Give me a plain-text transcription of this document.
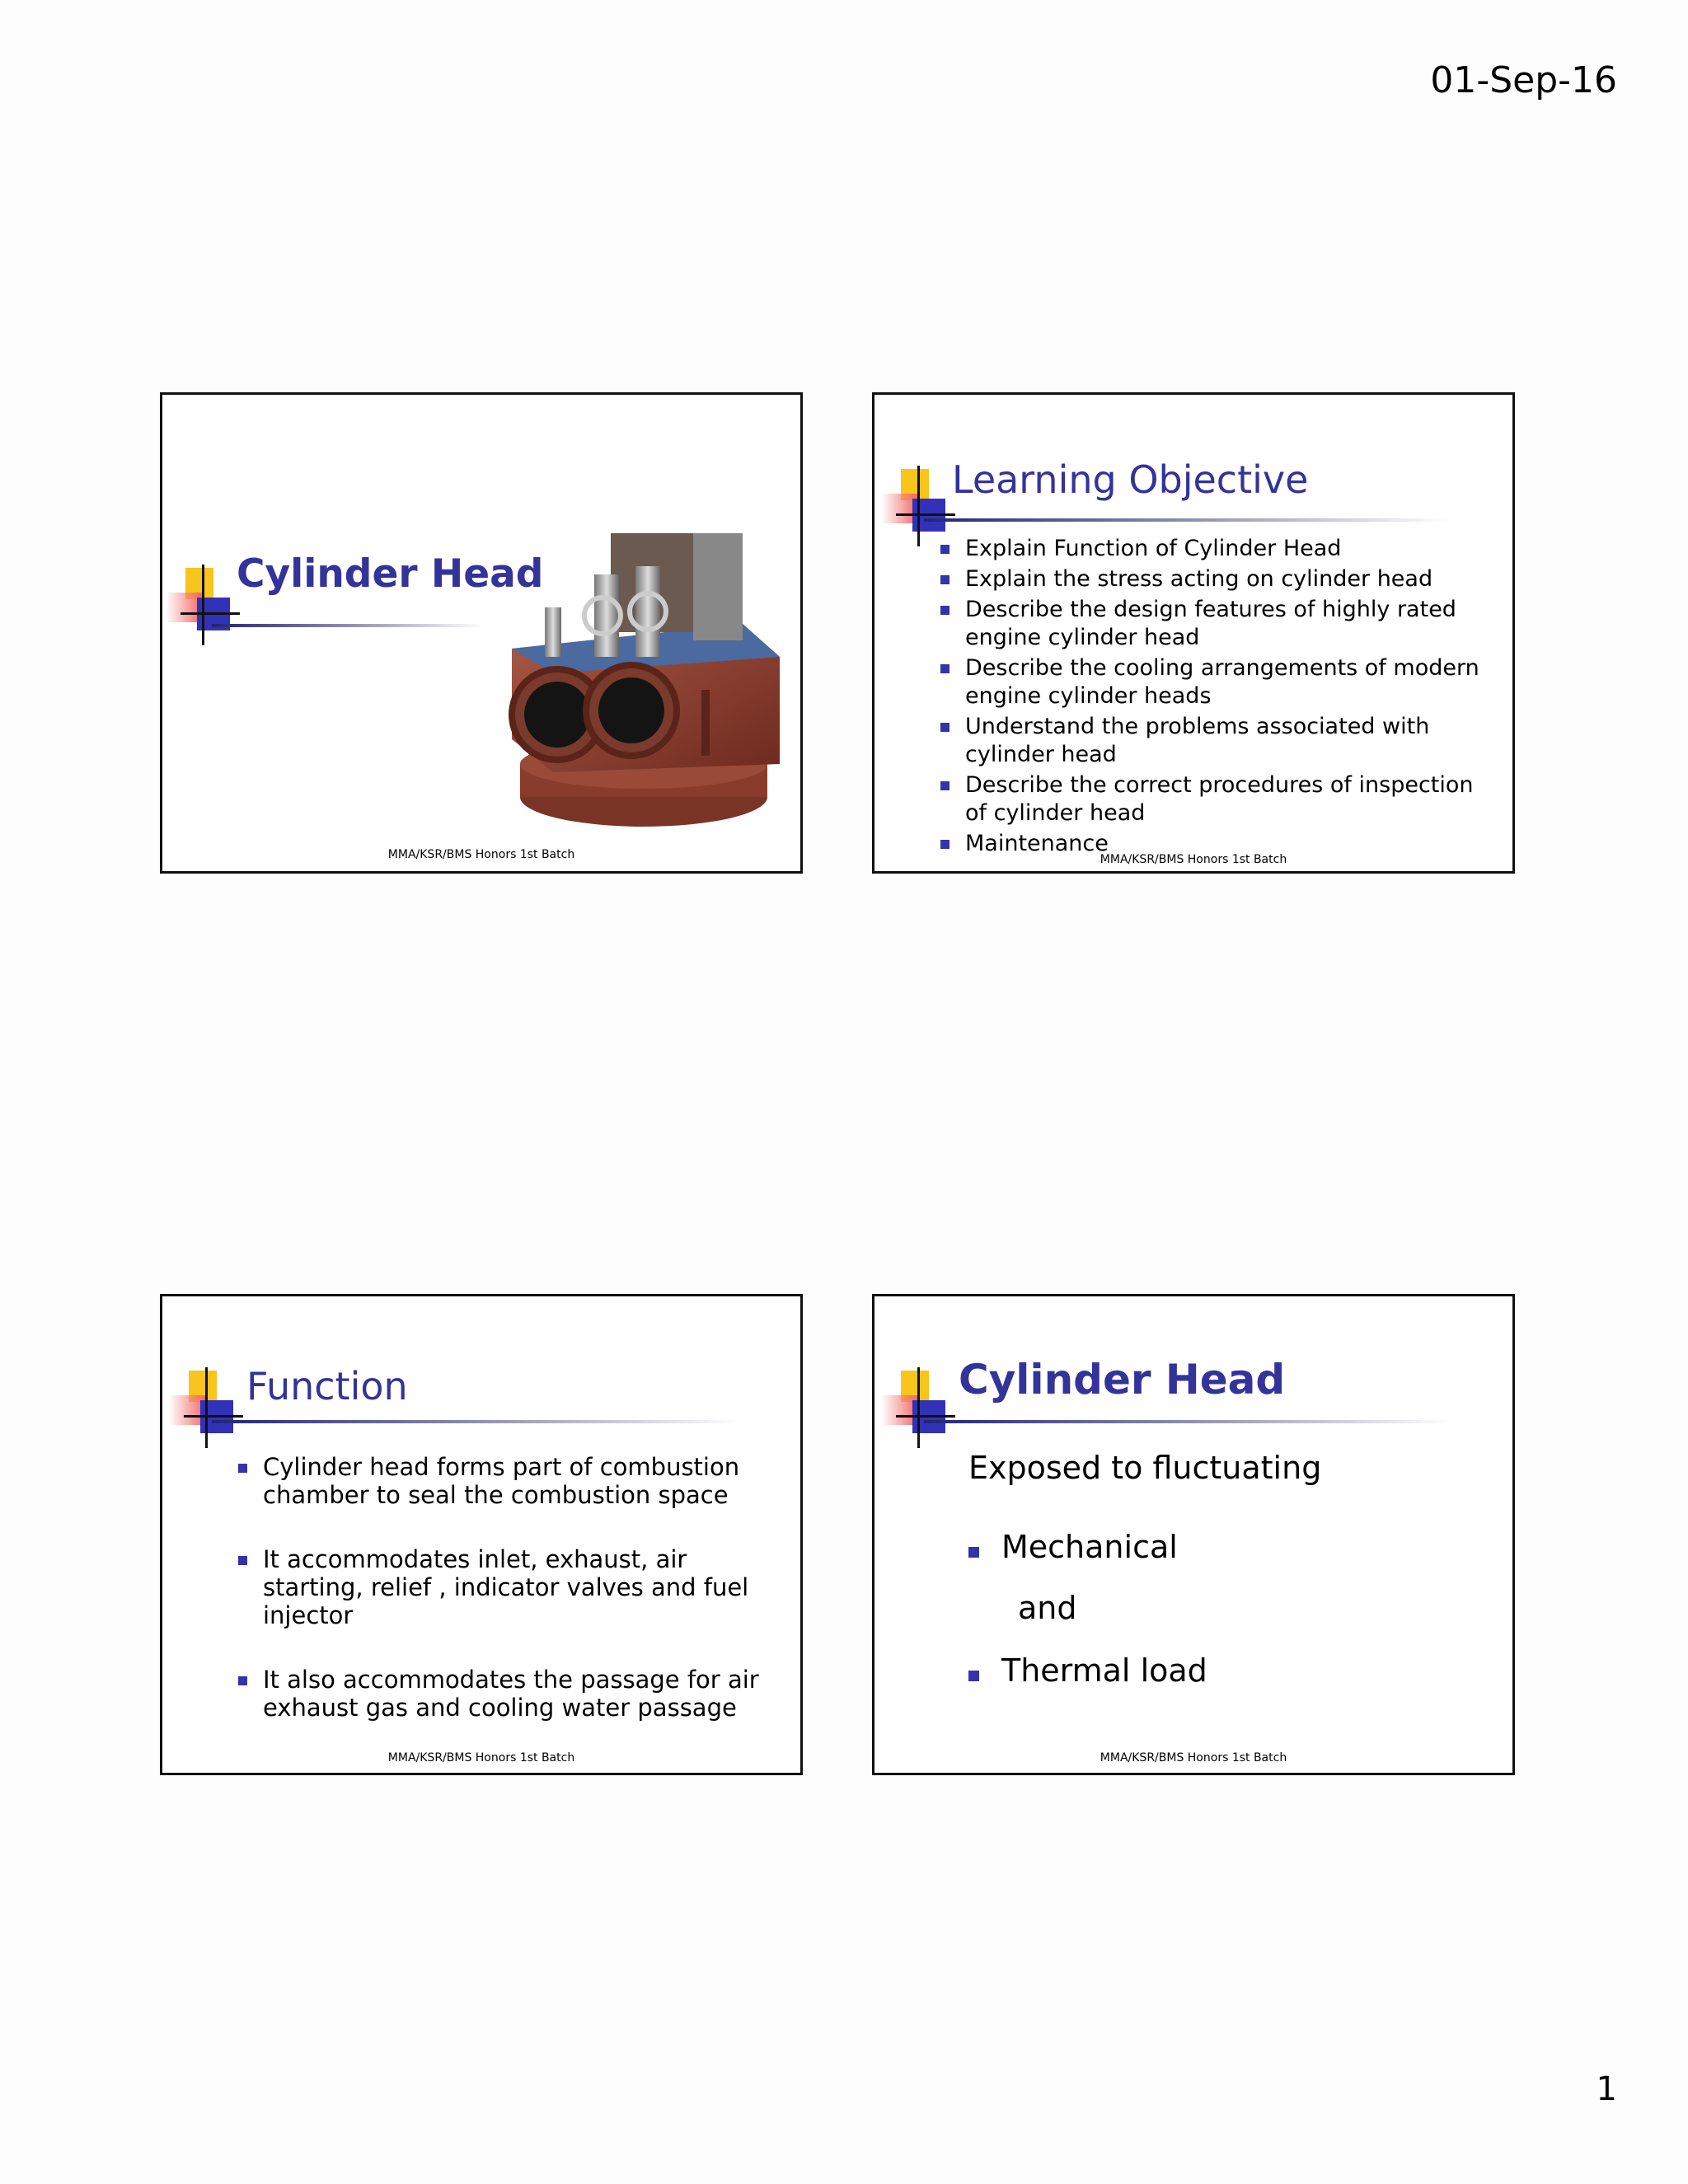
01-Sep-16
Cylinder Head
MMA/KSR/BMS Honors 1st Batch
Learning Objective
Explain Function of Cylinder Head
Explain the stress acting on cylinder head
Describe the design features of highly rated engine cylinder head
Describe the cooling arrangements of modern engine cylinder heads
Understand the problems associated with cylinder head
Describe the correct procedures of inspection of cylinder head
Maintenance
MMA/KSR/BMS Honors 1st Batch
Function
Cylinder head forms part of combustion chamber to seal the combustion space
It accommodates inlet, exhaust, air starting, relief , indicator valves and fuel injector
It also accommodates the passage for air exhaust gas and cooling water passage
MMA/KSR/BMS Honors 1st Batch
Cylinder Head
Exposed to fluctuating
Mechanical
and
Thermal load
MMA/KSR/BMS Honors 1st Batch
1
